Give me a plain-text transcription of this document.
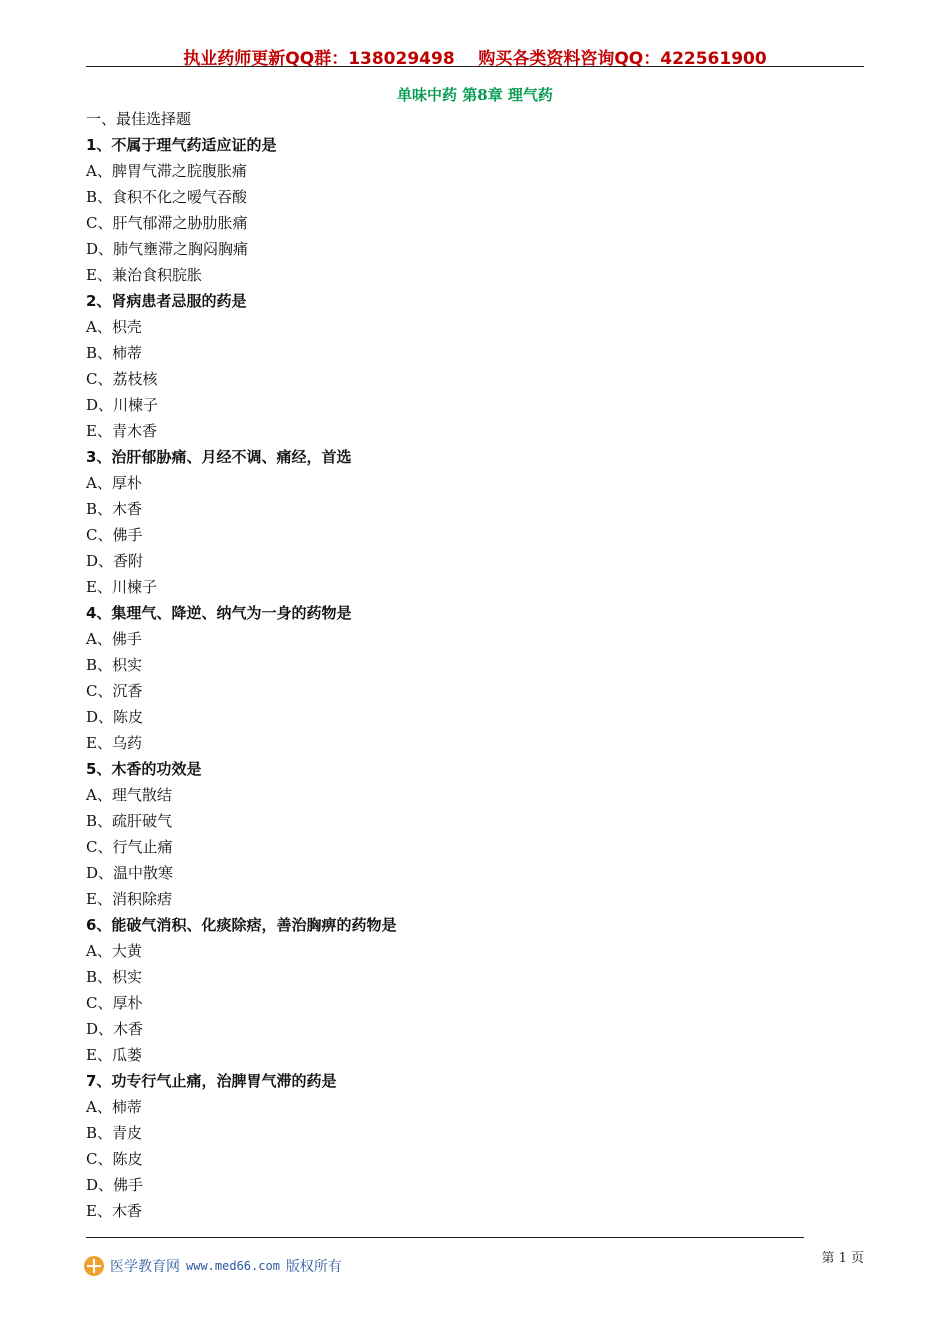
执业药师更新QQ群：138029498    购买各类资料咨询QQ：422561900
单味中药 第8章 理气药
一、最佳选择题
1、不属于理气药适应证的是
A、脾胃气滞之脘腹胀痛
B、食积不化之嗳气吞酸
C、肝气郁滞之胁肋胀痛
D、肺气壅滞之胸闷胸痛
E、兼治食积脘胀
2、肾病患者忌服的药是
A、枳壳
B、柿蒂
C、荔枝核
D、川楝子
E、青木香
3、治肝郁胁痛、月经不调、痛经，首选
A、厚朴
B、木香
C、佛手
D、香附
E、川楝子
4、集理气、降逆、纳气为一身的药物是
A、佛手
B、枳实
C、沉香
D、陈皮
E、乌药
5、木香的功效是
A、理气散结
B、疏肝破气
C、行气止痛
D、温中散寒
E、消积除痞
6、能破气消积、化痰除痞，善治胸痹的药物是
A、大黄
B、枳实
C、厚朴
D、木香
E、瓜蒌
7、功专行气止痛，治脾胃气滞的药是
A、柿蒂
B、青皮
C、陈皮
D、佛手
E、木香
医学教育网 www.med66.com 版权所有
第 1 页
